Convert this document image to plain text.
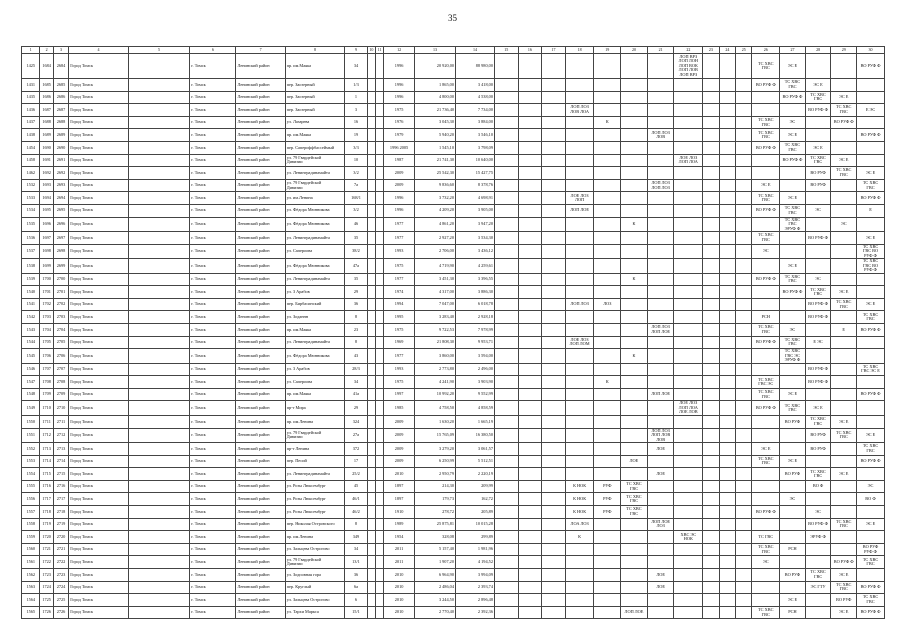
35
1	2	3	4	5	6	7	8	9	10	11	12	13	14	15	16	17	18	19	20	21	22	23	24	25	26	27	28	29	30
1425	1684	2684	Город Томск		г. Томск	Ленинский район	пр. им.Маяка	34			1996	20 920,00	88 980,00								ЛОП ВРЗ
ЛОП ЛОН
ЛОП ВОК
ЛОП ЛОВ
ЛОП ВРЗ				ТС ХВС
ГВС	ЭС Е			ВО РУФ Ф
1431	1685	2685	Город Томск		г. Томск	Ленинский район	пер. Заозерный	1/3			1996	1 865,00	3 418,00												ВО РУФ Ф	ТС ХВС
ГВС	ЭС Е		
1435	1686	2686	Город Томск		г. Томск	Ленинский район	пер. Заозерный	1			1996	4 800,00	4 538,00													ВО РУФ Ф	ТС ХВС
ГВС	ЭС Е	
1436	1687	2687	Город Томск		г. Томск	Ленинский район	пер. Заозерный	3			1975	21 736,40	7 734,00				ЛОП ЛОЗ
ЛОВ ЛОА										ВО РУФ Ф	ТС ХВС
ГВС	Е ЭС
1437	1688	2688	Город Томск		г. Томск	Ленинский район	ул. Лазарева	16			1976	3 045,30	3 884,00					К							ТС ХВС
ГВС	ЭС		ВО РУФ Ф	
1438	1689	2689	Город Томск		г. Томск	Ленинский район	пр. им.Маяка	19			1979	5 940,20	3 546,10							ЛОП ЛОЗ
ЛОВ					ТС ХВС
ГВС	ЭС Е			ВО РУФ Ф
1454	1690	2690	Город Томск		г. Томск	Ленинский район	пер. Сапероффбассеймый	3/3			1996 2005	1 545,10	3 798,09												ВО РУФ Ф	ТС ХВС
ГВС	ЭС Е		
1458	1691	2691	Город Томск		г. Томск	Ленинский район	ул. 79 Гвардейской
Дивизии	10			1987	21 741,30	10 640,00								ЛОЕ ЛОЗ
ЛОП ЛОА					ВО РУФ Ф	ТС ХВС
ГВС	ЭС Е	
1462	1692	2692	Город Томск		г. Томск	Ленинский район	ул. Ленинградинамайта	3/2			2009	25 542,30	15 427,75														ВО РУФ	ТС ХВС
ГВС	ЭС Е
1532	1693	2693	Город Томск		г. Томск	Ленинский район	ул. 79 Гвардейской
Дивизии	7а			2009	9 836,60	8 378,76							ЛОП ЛОЗ
ЛОП ЛОЗ					ЭС Е		ВО РУФ		ТС ХВС
ГВС
1533	1694	2694	Город Томск		г. Томск	Ленинский район	ул. им.Ленина	168/1			1996	3 732,20	4 698,91				ЛОЕ ЛОЗ
ЛОП								ТС ХВС
ГВС	ЭС Е			ВО РУФ Ф
1534	1695	2695	Город Томск		г. Томск	Ленинский район	ул. Фёдора Мюнникова	3/2			1996	4 209,20	3 905,00				ЛОП ЛОЕ								ВО РУФ Ф	ТС ХВС
ГВС	ЭС		Е
1535	1696	2696	Город Томск		г. Томск	Ленинский район	ул. Фёдора Мюнникова	46			1977	4 861,20	3 947,20						К							ТС ХВС
ГВС
ЭРУФ Ф		ЭС	
1536	1697	2697	Город Томск		г. Томск	Ленинский район	ул. Ленинградинамайта	35			1977	2 927,20	3 534,30												ТС ХВС
ГВС		ВО РУФ Ф		ЭС Е
1537	1698	2698	Город Томск		г. Томск	Ленинский район	ул. Сапероова	38/2			1993	2 706,00	3 436,12												ЭС				ТС ХВС
ГВС ВО
РУФ Ф
1538	1699	2699	Город Томск		г. Томск	Ленинский район	ул. Фёдора Мюнникова	47а			1975	4 719,90	4 259,61													ЭС Е			ТС ХВС
ГВС ВО
РУФ Ф
1539	1700	2700	Город Томск		г. Томск	Ленинский район	ул. Ленинградинамайта	35			1977	3 451,30	3 396,55						К						ВО РУФ Ф	ТС ХВС
ГВС	ЭС		
1540	1701	2701	Город Томск		г. Томск	Ленинский район	ул. 3 Арабов	29			1974	4 317,00	3 886,30													ВО РУФ Ф	ТС ХВС
ГВС	ЭС Е	
1541	1702	2702	Город Томск		г. Томск	Ленинский район	пер. Бирбасинский	36			1994	7 047,00	6 018,78				ЛОП ЛОЗ	ЛОЗ									ВО РУФ Ф	ТС ХВС
ГВС	ЭС Е
1542	1703	2703	Город Томск		г. Томск	Ленинский район	ул. Зоданнн	8			1995	3 283,40	2 928,18												РСН		ВО РУФ Ф		ТС ХВС
ГВС
1543	1704	2704	Город Томск		г. Томск	Ленинский район	пр. им.Маяка	23			1975	9 722,53	7 978,99							ЛОП ЛОЗ
ЛОП ЛОЕ					ТС ХВС
ГВС	ЭС		Е	ВО РУФ Ф
1544	1705	2705	Город Томск		г. Томск	Ленинский район	ул. Ленинградинамайта	8			1969	21 808,30	9 953,71				ЛОЕ ЛОЗ
ЛОП ЛОМ								ВО РУФ Ф	ТС ХВС
ГВС	Е ЭС		
1545	1706	2706	Город Томск		г. Томск	Ленинский район	ул. Фёдора Мюнникова	43			1977	3 860,00	3 594,00						К							ТС ХВС
ГВС ЭС
ЭРУФ Ф			
1546	1707	2707	Город Томск		г. Томск	Ленинский район	ул. 3 Арабов	28/3			1993	2 773,80	2 496,00														ВО РУФ Ф		ТС ХВС
ГВС ЭС Е
1547	1708	2708	Город Томск		г. Томск	Ленинский район	ул. Сапероова	34			1975	4 241,90	3 903,90					К							ТС ХВС
ГВС ЭС		ВО РУФ Ф		
1548	1709	2709	Город Томск		г. Томск	Ленинский район	пр. им.Маяка	41а			1997	10 992,20	9 552,99							ЛОП ЛОЕ					ТС ХВС
ГВС	ЭС Е			ВО РУФ Ф
1549	1710	2710	Город Томск		г. Томск	Ленинский район	пр-т Мира	29			1985	4 758,50	4 858,59								ЛОЕ ЛОЗ
ЛОП ЛОА
ЛОЕ ЛОВ				ВО РУФ Ф	ТС ХВС
ГВС	ЭС Е		
1550	1711	2711	Город Томск		г. Томск	Ленинский район	пр. им.Ленина	324			2009	1 630,20	1 665,19													ВО РУФ	ТС ХВС
ГВС	ЭС Е	
1551	1712	2712	Город Томск		г. Томск	Ленинский район	ул. 79 Гвардейской
Дивизии	27а			2009	15 765,09	16 380,50							ЛОП ЛОЗ
ЛОП ЛОВ
ЛОВ							ВО РУФ	ТС ХВС
ГВС	ЭС Е
1552	1713	2713	Город Томск		г. Томск	Ленинский район	пр-т Ленина	372			2009	3 279,20	3 061,57							ЛОЕ					ЭС Е		ВО РУФ		ТС ХВС
ГВС
1553	1714	2714	Город Томск		г. Томск	Ленинский район	пер. Песий	17			2009	6 250,99	5 512,51						ЛОЕ						ТС ХВС
ГВС	ЭС Е			ВО РУФ Ф
1554	1715	2715	Город Томск		г. Томск	Ленинский район	ул. Ленинградинамайта	25/2			2010	2 950,79	2 220,19							ЛОЕ						ВО РУФ	ТС ХВС
ГВС	ЭС Е	
1555	1716	2716	Город Томск		г. Томск	Ленинский район	ул. Розы Люксембург	45			1897	214,30	209,99				К НОК	РУФ	ТС ХВС
ГВС								ВО Ф		ЭС
1556	1717	2717	Город Томск		г. Томск	Ленинский район	ул. Розы Люксембург	46/1			1897	179,73	162,72				К НОК	РУФ	ТС ХВС
ГВС							ЭС			ВО Ф
1557	1718	2718	Город Томск		г. Томск	Ленинский район	ул. Розы Люксембург	46/2			1910	278,72	205,89				К НОК	РУФ	ТС ХВС
ГВС						ВО РУФ Ф		ЭС		
1558	1719	2719	Город Томск		г. Томск	Ленинский район	пер. Николая Островского	8			1989	25 875,81	10 015,28				ЛОА ЛОЗ			ЛОП ЛОЕ
ЛОЗ							ВО РУФ Ф	ТС ХВС
ГВС	ЭС Е
1559	1720	2720	Город Томск		г. Томск	Ленинский район	пр. им.Ленина	349			1954	328,08	299,89				К				ХВС ЭС НОК				ТС ГВС		ЭРУФ Ф		
1560	1721	2721	Город Томск		г. Томск	Ленинский район	ул. Зальцева Острогово	34			2011	5 157,40	1 981,96												ТС ХВС
ГВС	РСН			ВО РУФ
РУФ Ф
1561	1722	2722	Город Томск		г. Томск	Ленинский район	ул. 79 Гвардейской
Дивизии	13/1			2011	1 907,20	4 194,52												ЭС			ВО РУФ Ф	ТС ХВС
ГВС
1562	1723	2723	Город Томск		г. Томск	Ленинский район	ул. Зодповная гора	36			2010	6 964,90	3 994,09							ЛОЕ						ВО РУФ	ТС ХВС
ГВС	ЭС Е	
1563	1724	2724	Город Томск		г. Томск	Ленинский район	пер. Круглый	6а			2010	2 486,04	2 393,74							ЛОЕ							ЭС ГТУ	ТС ХВС
ГВС	ВО РУФ Ф
1564	1725	2725	Город Томск		г. Томск	Ленинский район	ул. Зальцева Острогово	6			2010	3 244,50	2 896,48													ЭС Е		ВО РУФ	ТС ХВС
ГВС
1565	1726	2726	Город Томск		г. Томск	Ленинский район	ул. Тархи Маркса	15/1			2010	2 770,40	2 392,36						ЛОП ЛОЕ						ТС ХВС
ГВС	РСН		ЭС Е	ВО РУФ Ф
